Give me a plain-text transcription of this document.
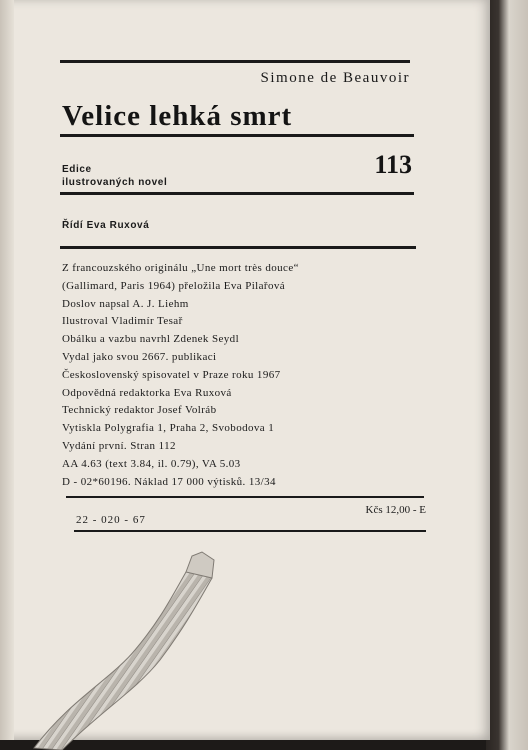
Simone de Beauvoir
Velice lehká smrt
Edice
ilustrovaných novel
113
Řídí Eva Ruxová
Z francouzského originálu „Une mort très douce“
(Gallimard, Paris 1964) přeložila Eva Pilařová
Doslov napsal A. J. Liehm
Ilustroval Vladimír Tesař
Obálku a vazbu navrhl Zdenek Seydl
Vydal jako svou 2667. publikaci
Československý spisovatel v Praze roku 1967
Odpovědná redaktorka Eva Ruxová
Technický redaktor Josef Volráb
Vytiskla Polygrafia 1, Praha 2, Svobodova 1
Vydání první. Stran 112
AA 4.63 (text 3.84, il. 0.79), VA 5.03
D - 02*60196. Náklad 17 000 výtisků. 13/34
Kčs 12,00 - E
22 - 020 - 67
